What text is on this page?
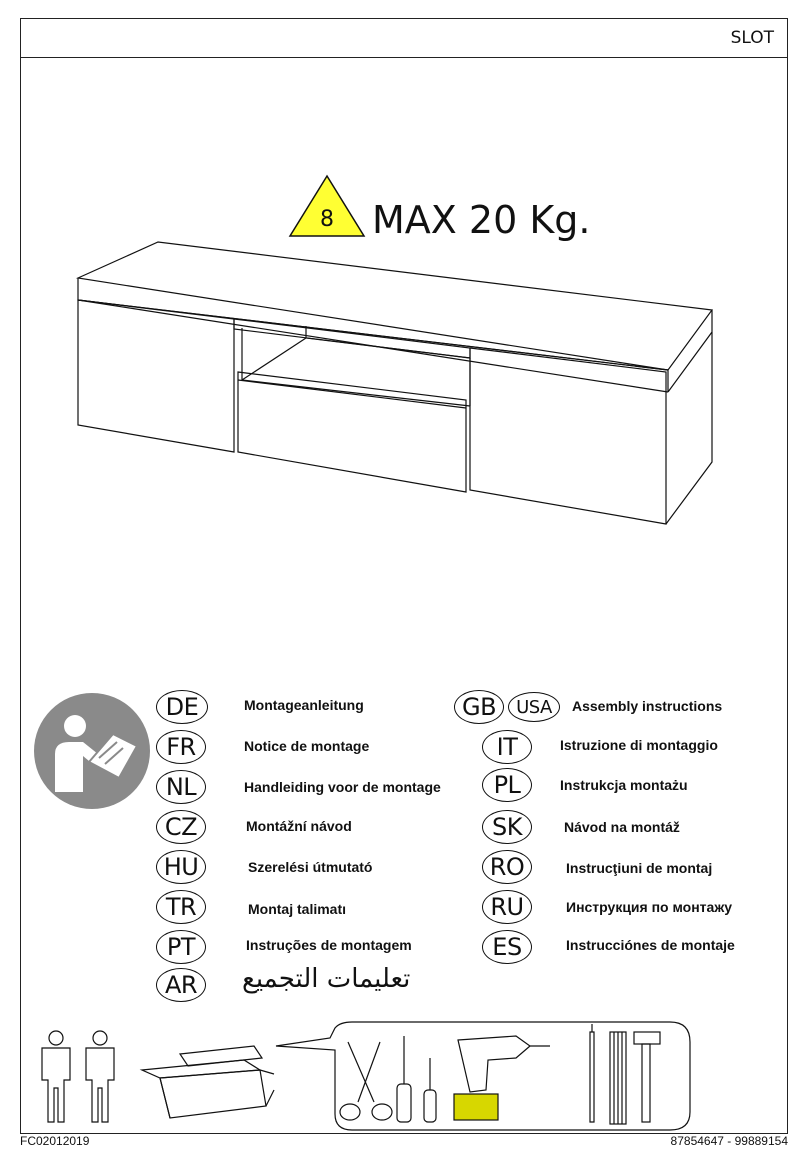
SLOT
8 MAX 20 Kg.
DE	Montageanleitung	GB	USA	Assembly instructions
FR	Notice de montage	IT	Istruzione di montaggio
NL	Handleiding voor de montage	PL	Instrukcja montażu
CZ	Montážní návod	SK	Návod na montáž
HU	Szerelési útmutató	RO	Instrucţiuni de montaj
TR	Montaj talimatı	RU	Инструкция по монтажу
PT	Instruções de montagem	ES	Instrucciónes de montaje
AR	تعليمات التجميع
FC02012019	87854647 - 99889154
